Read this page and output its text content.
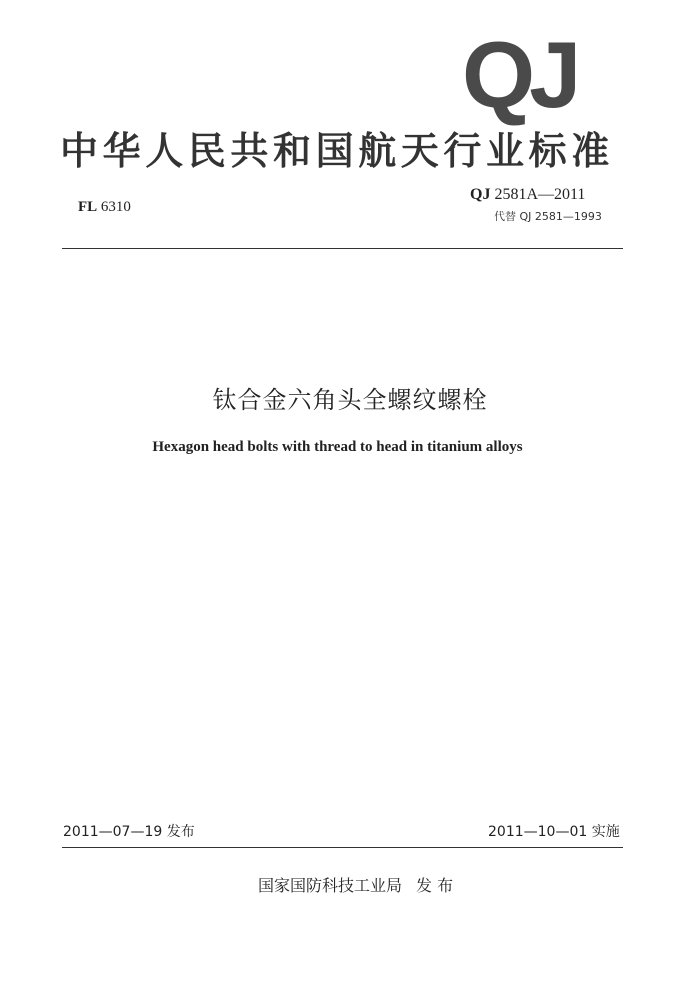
QJ
中华人民共和国航天行业标准
FL 6310
QJ 2581A—2011
代替 QJ 2581—1993
钛合金六角头全螺纹螺栓
Hexagon head bolts with thread to head in titanium alloys
2011—07—19 发布	2011—10—01 实施
国家国防科技工业局 发 布
